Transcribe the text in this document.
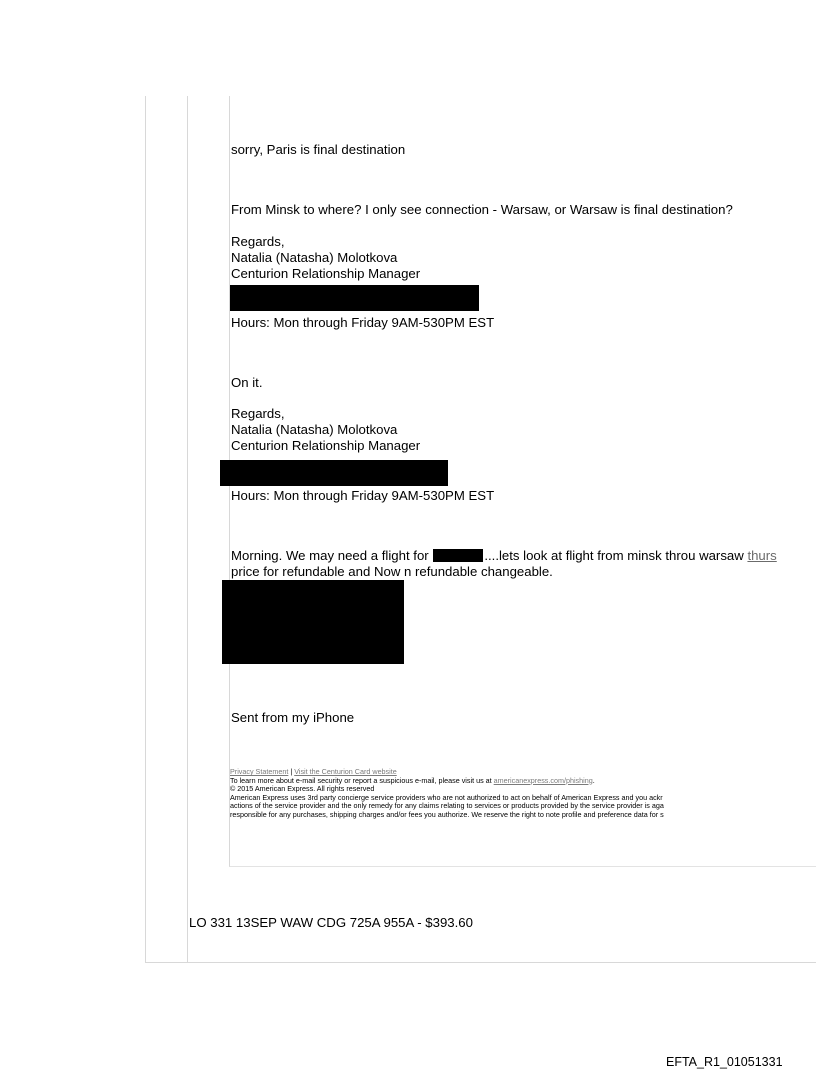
sorry, Paris is final destination
From Minsk to where? I only see connection - Warsaw, or Warsaw is final destination?
Regards,
Natalia (Natasha) Molotkova
Centurion Relationship Manager
Hours: Mon through Friday 9AM-530PM EST
On it.
Regards,
Natalia (Natasha) Molotkova
Centurion Relationship Manager
Hours: Mon through Friday 9AM-530PM EST
Morning. We may need a flight for	....lets look at flight from minsk throu warsaw thurs
price for refundable and Now n refundable changeable.
Sent from my iPhone
Privacy Statement | Visit the Centurion Card website
To learn more about e-mail security or report a suspicious e-mail, please visit us at americanexpress.com/phishing.
© 2015 American Express. All rights reserved
American Express uses 3rd party concierge service providers who are not authorized to act on behalf of American Express and you ackr
actions of the service provider and the only remedy for any claims relating to services or products provided by the service provider is aga
responsible for any purchases, shipping charges and/or fees you authorize. We reserve the right to note profile and preference data for s
LO 331 13SEP WAW CDG 725A 955A - $393.60
EFTA_R1_01051331
